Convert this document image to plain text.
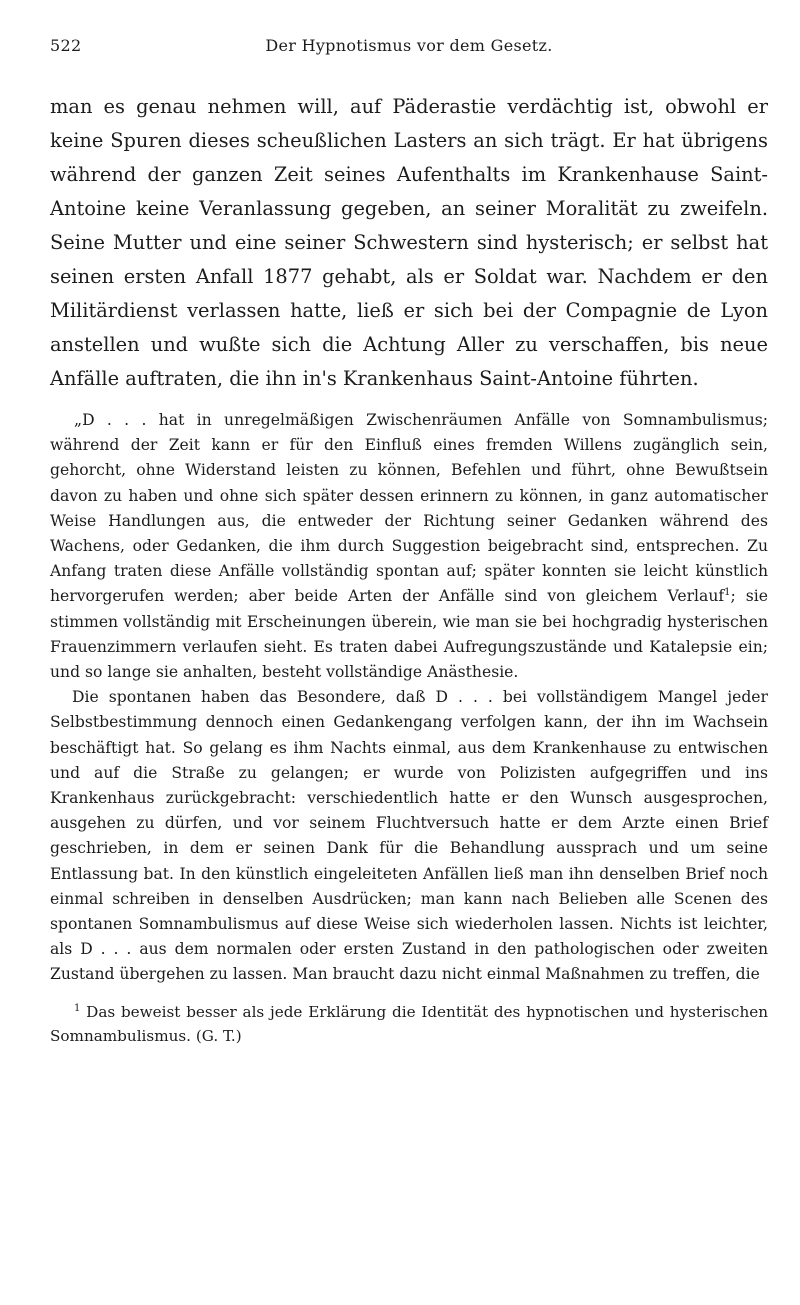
522	Der Hypnotismus vor dem Gesetz.

man es genau nehmen will, auf Päderastie verdächtig ist, obwohl er keine Spuren dieses scheußlichen Lasters an sich trägt. Er hat übrigens während der ganzen Zeit seines Aufenthalts im Krankenhause Saint-Antoine keine Veranlassung gegeben, an seiner Moralität zu zweifeln. Seine Mutter und eine seiner Schwestern sind hysterisch; er selbst hat seinen ersten Anfall 1877 gehabt, als er Soldat war. Nachdem er den Militärdienst verlassen hatte, ließ er sich bei der Compagnie de Lyon anstellen und wußte sich die Achtung Aller zu verschaffen, bis neue Anfälle auftraten, die ihn in's Krankenhaus Saint-Antoine führten.

„D . . . hat in unregelmäßigen Zwischenräumen Anfälle von Somnambulismus; während der Zeit kann er für den Einfluß eines fremden Willens zugänglich sein, gehorcht, ohne Widerstand leisten zu können, Befehlen und führt, ohne Bewußtsein davon zu haben und ohne sich später dessen erinnern zu können, in ganz automatischer Weise Handlungen aus, die entweder der Richtung seiner Gedanken während des Wachens, oder Gedanken, die ihm durch Suggestion beigebracht sind, entsprechen. Zu Anfang traten diese Anfälle vollständig spontan auf; später konnten sie leicht künstlich hervorgerufen werden; aber beide Arten der Anfälle sind von gleichem Verlauf$^1$; sie stimmen vollständig mit Erscheinungen überein, wie man sie bei hochgradig hysterischen Frauenzimmern verlaufen sieht. Es traten dabei Aufregungszustände und Katalepsie ein; und so lange sie anhalten, besteht vollständige Anästhesie.

Die spontanen haben das Besondere, daß D . . . bei vollständigem Mangel jeder Selbstbestimmung dennoch einen Gedankengang verfolgen kann, der ihn im Wachsein beschäftigt hat. So gelang es ihm Nachts einmal, aus dem Krankenhause zu entwischen und auf die Straße zu gelangen; er wurde von Polizisten aufgegriffen und ins Krankenhaus zurückgebracht: verschiedentlich hatte er den Wunsch ausgesprochen, ausgehen zu dürfen, und vor seinem Fluchtversuch hatte er dem Arzte einen Brief geschrieben, in dem er seinen Dank für die Behandlung aussprach und um seine Entlassung bat. In den künstlich eingeleiteten Anfällen ließ man ihn denselben Brief noch einmal schreiben in denselben Ausdrücken; man kann nach Belieben alle Scenen des spontanen Somnambulismus auf diese Weise sich wiederholen lassen. Nichts ist leichter, als D . . . aus dem normalen oder ersten Zustand in den pathologischen oder zweiten Zustand übergehen zu lassen. Man braucht dazu nicht einmal Maßnahmen zu treffen, die

$^1$ Das beweist besser als jede Erklärung die Identität des hypnotischen und hysterischen Somnambulismus. (G. T.)
